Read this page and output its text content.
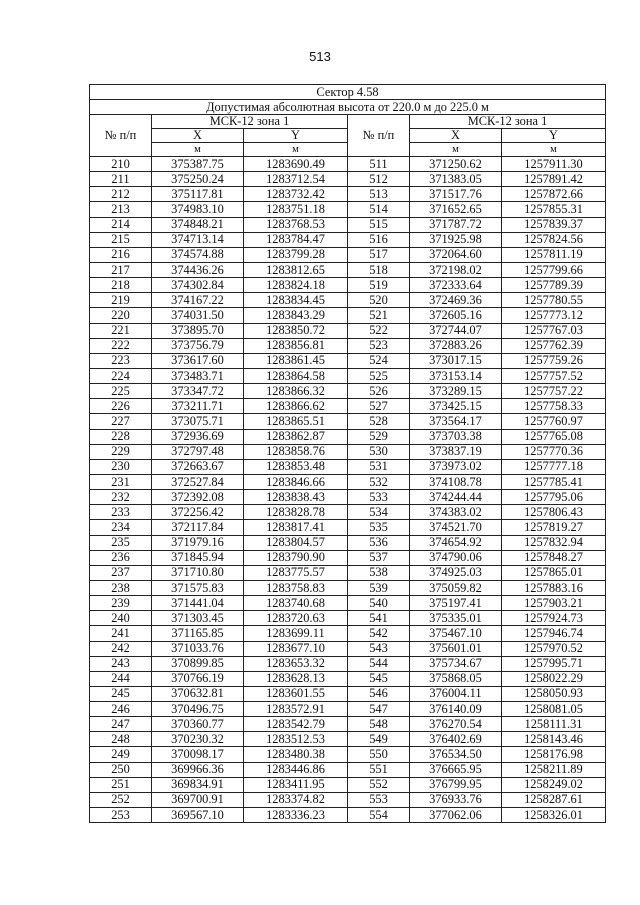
513
Сектор 4.58					
Допустимая абсолютная высота от 220.0 м до 225.0 м					
№ п/п	МСК-12 зона 1		№ п/п	МСК-12 зона 1	
	X	Y		X	Y
	м	м		м	м
210	375387.75	1283690.49	511	371250.62	1257911.30
211	375250.24	1283712.54	512	371383.05	1257891.42
212	375117.81	1283732.42	513	371517.76	1257872.66
213	374983.10	1283751.18	514	371652.65	1257855.31
214	374848.21	1283768.53	515	371787.72	1257839.37
215	374713.14	1283784.47	516	371925.98	1257824.56
216	374574.88	1283799.28	517	372064.60	1257811.19
217	374436.26	1283812.65	518	372198.02	1257799.66
218	374302.84	1283824.18	519	372333.64	1257789.39
219	374167.22	1283834.45	520	372469.36	1257780.55
220	374031.50	1283843.29	521	372605.16	1257773.12
221	373895.70	1283850.72	522	372744.07	1257767.03
222	373756.79	1283856.81	523	372883.26	1257762.39
223	373617.60	1283861.45	524	373017.15	1257759.26
224	373483.71	1283864.58	525	373153.14	1257757.52
225	373347.72	1283866.32	526	373289.15	1257757.22
226	373211.71	1283866.62	527	373425.15	1257758.33
227	373075.71	1283865.51	528	373564.17	1257760.97
228	372936.69	1283862.87	529	373703.38	1257765.08
229	372797.48	1283858.76	530	373837.19	1257770.36
230	372663.67	1283853.48	531	373973.02	1257777.18
231	372527.84	1283846.66	532	374108.78	1257785.41
232	372392.08	1283838.43	533	374244.44	1257795.06
233	372256.42	1283828.78	534	374383.02	1257806.43
234	372117.84	1283817.41	535	374521.70	1257819.27
235	371979.16	1283804.57	536	374654.92	1257832.94
236	371845.94	1283790.90	537	374790.06	1257848.27
237	371710.80	1283775.57	538	374925.03	1257865.01
238	371575.83	1283758.83	539	375059.82	1257883.16
239	371441.04	1283740.68	540	375197.41	1257903.21
240	371303.45	1283720.63	541	375335.01	1257924.73
241	371165.85	1283699.11	542	375467.10	1257946.74
242	371033.76	1283677.10	543	375601.01	1257970.52
243	370899.85	1283653.32	544	375734.67	1257995.71
244	370766.19	1283628.13	545	375868.05	1258022.29
245	370632.81	1283601.55	546	376004.11	1258050.93
246	370496.75	1283572.91	547	376140.09	1258081.05
247	370360.77	1283542.79	548	376270.54	1258111.31
248	370230.32	1283512.53	549	376402.69	1258143.46
249	370098.17	1283480.38	550	376534.50	1258176.98
250	369966.36	1283446.86	551	376665.95	1258211.89
251	369834.91	1283411.95	552	376799.95	1258249.02
252	369700.91	1283374.82	553	376933.76	1258287.61
253	369567.10	1283336.23	554	377062.06	1258326.01
